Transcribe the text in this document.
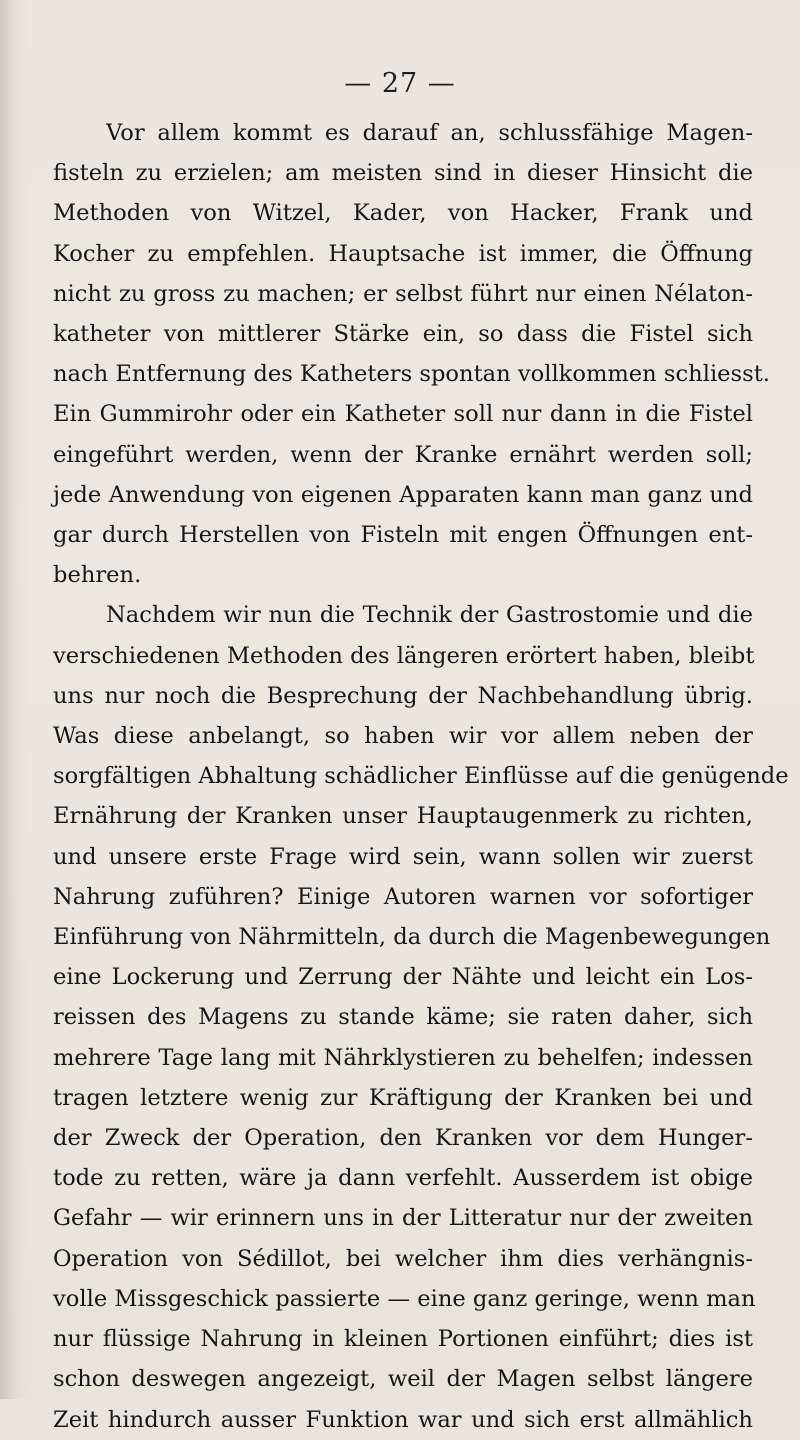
— 27 —
Vor allem kommt es darauf an, schlussfähige Magen-
fisteln zu erzielen; am meisten sind in dieser Hinsicht die
Methoden von Witzel, Kader, von Hacker, Frank und
Kocher zu empfehlen. Hauptsache ist immer, die Öffnung
nicht zu gross zu machen; er selbst führt nur einen Nélaton-
katheter von mittlerer Stärke ein, so dass die Fistel sich
nach Entfernung des Katheters spontan vollkommen schliesst.
Ein Gummirohr oder ein Katheter soll nur dann in die Fistel
eingeführt werden, wenn der Kranke ernährt werden soll;
jede Anwendung von eigenen Apparaten kann man ganz und
gar durch Herstellen von Fisteln mit engen Öffnungen ent-
behren.
Nachdem wir nun die Technik der Gastrostomie und die
verschiedenen Methoden des längeren erörtert haben, bleibt
uns nur noch die Besprechung der Nachbehandlung übrig.
Was diese anbelangt, so haben wir vor allem neben der
sorgfältigen Abhaltung schädlicher Einflüsse auf die genügende
Ernährung der Kranken unser Hauptaugenmerk zu richten,
und unsere erste Frage wird sein, wann sollen wir zuerst
Nahrung zuführen? Einige Autoren warnen vor sofortiger
Einführung von Nährmitteln, da durch die Magenbewegungen
eine Lockerung und Zerrung der Nähte und leicht ein Los-
reissen des Magens zu stande käme; sie raten daher, sich
mehrere Tage lang mit Nährklystieren zu behelfen; indessen
tragen letztere wenig zur Kräftigung der Kranken bei und
der Zweck der Operation, den Kranken vor dem Hunger-
tode zu retten, wäre ja dann verfehlt. Ausserdem ist obige
Gefahr — wir erinnern uns in der Litteratur nur der zweiten
Operation von Sédillot, bei welcher ihm dies verhängnis-
volle Missgeschick passierte — eine ganz geringe, wenn man
nur flüssige Nahrung in kleinen Portionen einführt; dies ist
schon deswegen angezeigt, weil der Magen selbst längere
Zeit hindurch ausser Funktion war und sich erst allmählich
